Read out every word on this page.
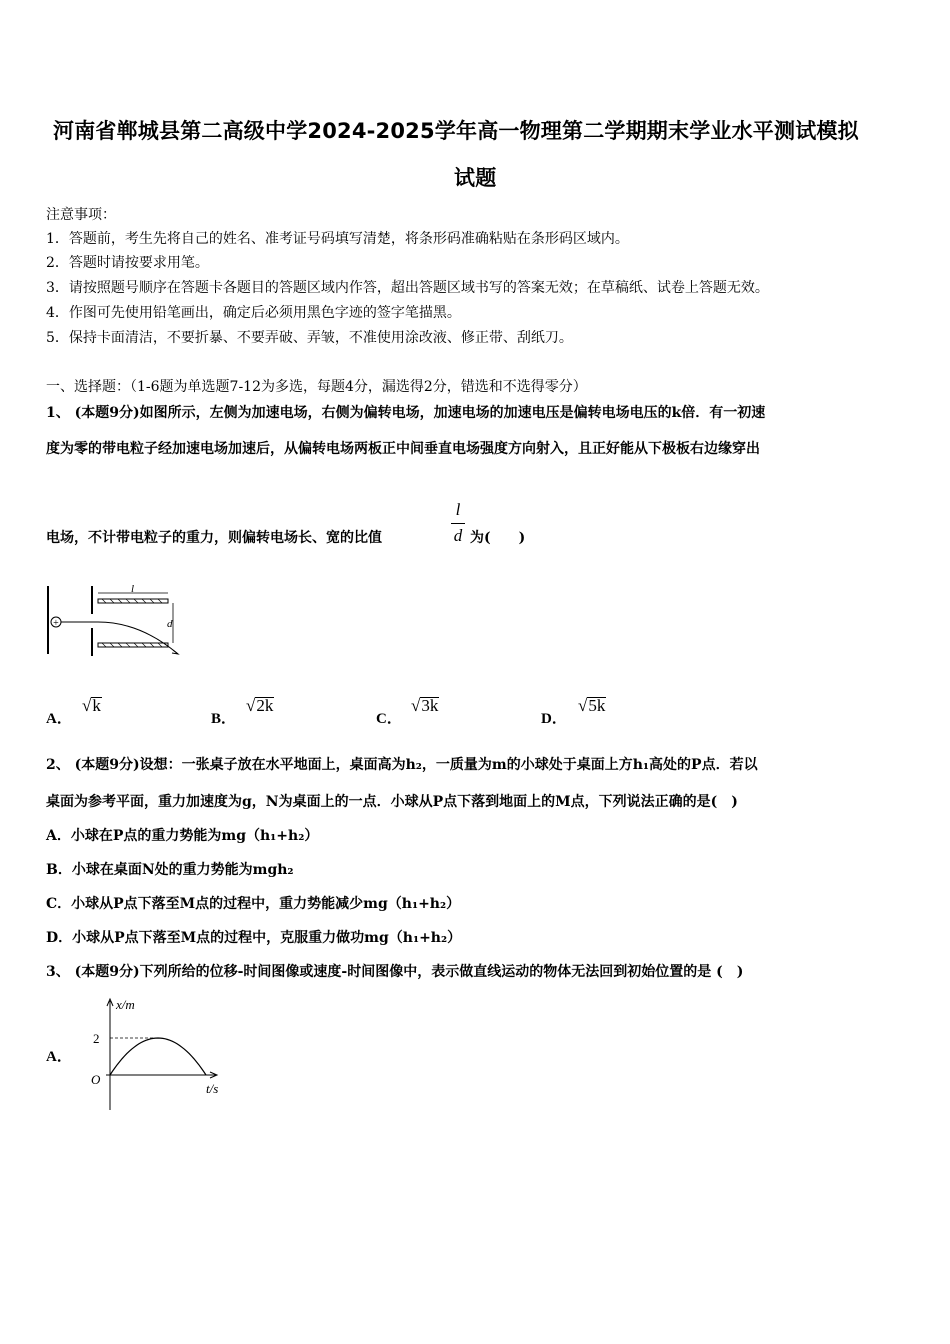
河南省郸城县第二高级中学2024-2025学年高一物理第二学期期末学业水平测试模拟
试题
注意事项：
1．答题前，考生先将自己的姓名、准考证号码填写清楚，将条形码准确粘贴在条形码区域内。
2．答题时请按要求用笔。
3．请按照题号顺序在答题卡各题目的答题区域内作答，超出答题区域书写的答案无效；在草稿纸、试卷上答题无效。
4．作图可先使用铅笔画出，确定后必须用黑色字迹的签字笔描黑。
5．保持卡面清洁，不要折暴、不要弄破、弄皱，不准使用涂改液、修正带、刮纸刀。
一、选择题：（1-6题为单选题7-12为多选，每题4分，漏选得2分，错选和不选得零分）
1、 (本题9分)如图所示，左侧为加速电场，右侧为偏转电场，加速电场的加速电压是偏转电场电压的k倍．有一初速
度为零的带电粒子经加速电场加速后，从偏转电场两板正中间垂直电场强度方向射入，且正好能从下极板右边缘穿出
电场，不计带电粒子的重力，则偏转电场长、宽的比值
l
d 为(　　)
+
l
d
A．
√k
B．
√2k
C．
√3k
D．
√5k
2、 (本题9分)设想：一张桌子放在水平地面上，桌面高为h₂，一质量为m的小球处于桌面上方h₁高处的P点．若以
桌面为参考平面，重力加速度为g，N为桌面上的一点．小球从P点下落到地面上的M点，下列说法正确的是(　)
A．小球在P点的重力势能为mg（h₁+h₂）
B．小球在桌面N处的重力势能为mgh₂
C．小球从P点下落至M点的过程中，重力势能减少mg（h₁+h₂）
D．小球从P点下落至M点的过程中，克服重力做功mg（h₁+h₂）
3、 (本题9分)下列所给的位移-时间图像或速度-时间图像中，表示做直线运动的物体无法回到初始位置的是 (　)
A．
x/m
t/s
O
2
